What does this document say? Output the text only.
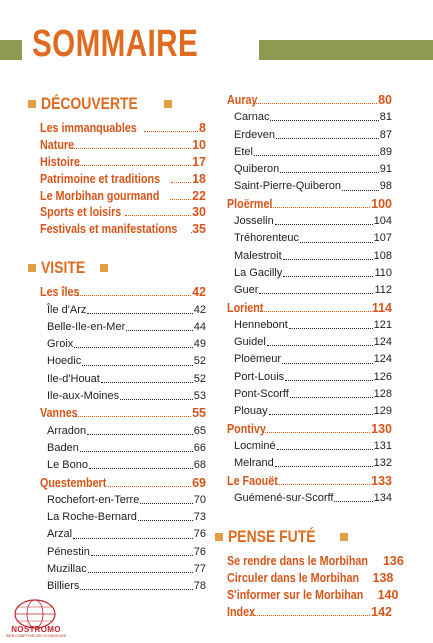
SOMMAIRE
DÉCOUVERTE
Les immanquables	8
Nature	10
Histoire	17
Patrimoine et traditions	18
Le Morbihan gourmand	22
Sports et loisirs	30
Festivals et manifestations 35
VISITE
Les îles	42
Île d'Arz	42
Belle-Ile-en-Mer	44
Groix	49
Hoedic	52
Ile-d'Houat	52
Ile-aux-Moines	53
Vannes	55
Arradon	65
Baden	66
Le Bono	68
Questembert	69
Rochefort-en-Terre	70
La Roche-Bernard	73
Arzal	76
Pénestin	76
Muzillac	77
Billiers	78
Auray	80
Carnac	81
Erdeven	87
Etel	89
Quiberon	91
Saint-Pierre-Quiberon	98
Ploërmel	100
Josselin	104
Tréhorenteuc	107
Malestroit	108
La Gacilly	110
Guer	112
Lorient	114
Hennebont	121
Guidel	124
Ploëmeur	124
Port-Louis	126
Pont-Scorff	128
Plouay	129
Pontivy	130
Locminé	131
Melrand	132
Le Faouët	133
Guémené-sur-Scorff	134
PENSE FUTÉ
Se rendre dans le Morbihan 136
Circuler dans le Morbihan 138
S'informer sur le Morbihan 140
Index	142
NOSTROMO
WEB COMPTOIR DES VOYAGEURS
